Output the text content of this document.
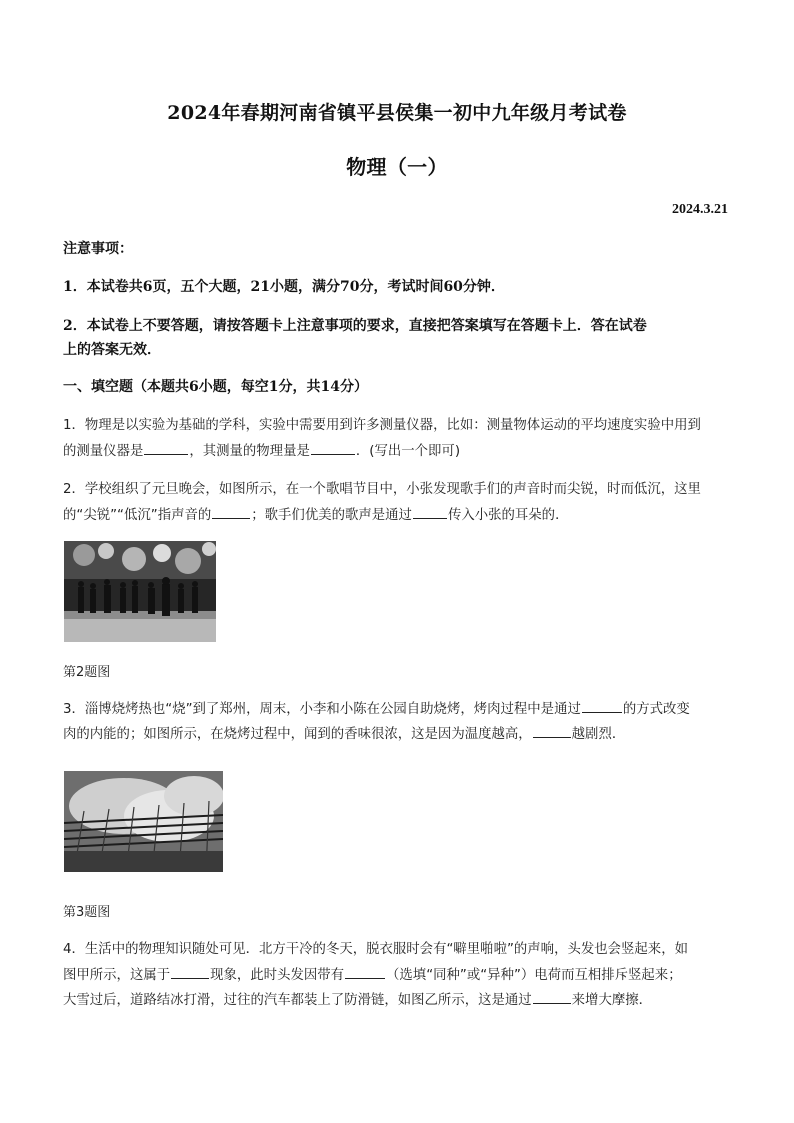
2024年春期河南省镇平县侯集一初中九年级月考试卷
物理（一）
2024.3.21
注意事项：
1．本试卷共6页，五个大题，21小题，满分70分，考试时间60分钟．
2．本试卷上不要答题，请按答题卡上注意事项的要求，直接把答案填写在答题卡上．答在试卷
上的答案无效．
一、填空题（本题共6小题，每空1分，共14分）
1．物理是以实验为基础的学科，实验中需要用到许多测量仪器，比如：测量物体运动的平均速度实验中用到
的测量仪器是	，其测量的物理量是	．(写出一个即可)
2．学校组织了元旦晚会，如图所示，在一个歌唱节目中，小张发现歌手们的声音时而尖锐，时而低沉，这里
的“尖锐”“低沉”指声音的	；歌手们优美的歌声是通过	传入小张的耳朵的．
第2题图
3．淄博烧烤热也“烧”到了郑州，周末，小李和小陈在公园自助烧烤，烤肉过程中是通过	的方式改变
肉的内能的；如图所示，在烧烤过程中，闻到的香味很浓，这是因为温度越高，	越剧烈．
第3题图
4．生活中的物理知识随处可见．北方干冷的冬天，脱衣服时会有“噼里啪啦”的声响，头发也会竖起来，如
图甲所示，这属于	现象，此时头发因带有	（选填“同种”或“异种”）电荷而互相排斥竖起来；
大雪过后，道路结冰打滑，过往的汽车都装上了防滑链，如图乙所示，这是通过	来增大摩擦．
